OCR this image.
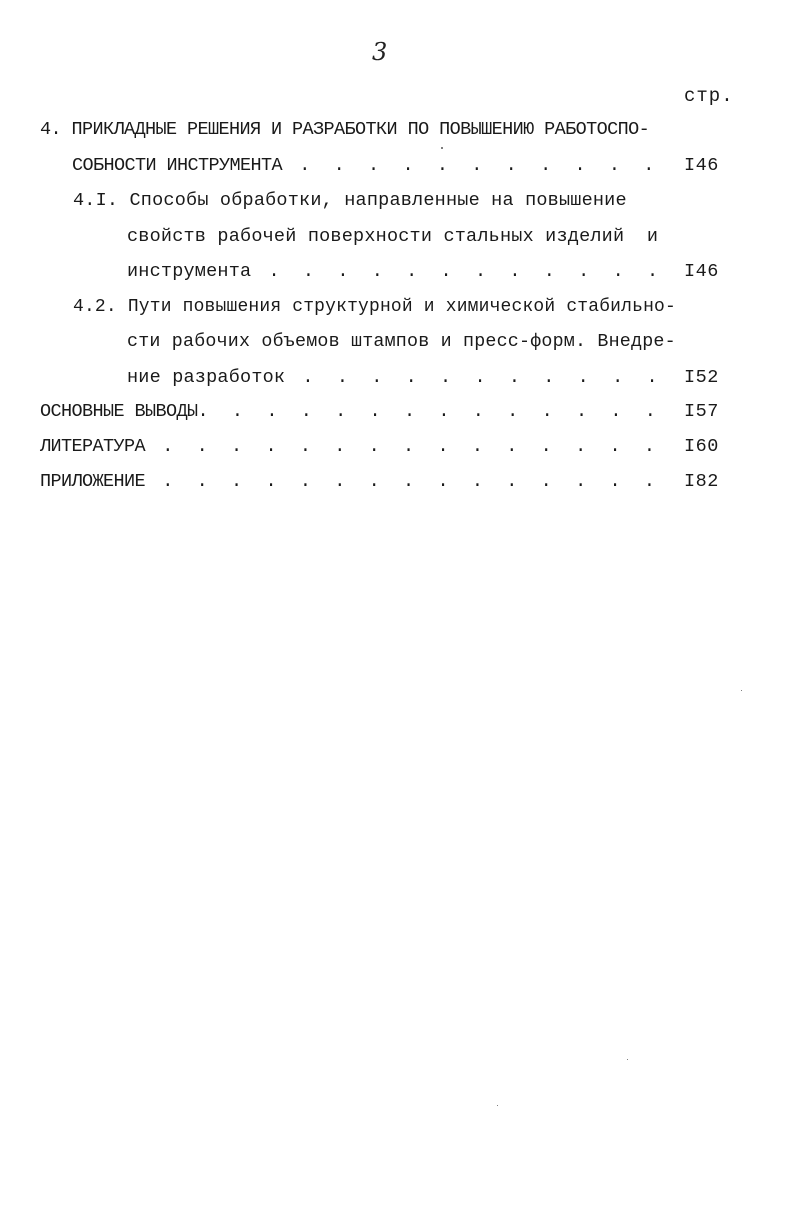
3
стр.
4. ПРИКЛАДНЫЕ РЕШЕНИЯ И РАЗРАБОТКИ ПО ПОВЫШЕНИЮ РАБОТОСПО-
СОБНОСТИ ИНСТРУМЕНТА . . . . . . . . . . . I46
4.I. Способы обработки, направленные на повышение
свойств рабочей поверхности стальных изделий  и
инструмента . . . . . . . . . . . . I46
4.2. Пути повышения структурной и химической стабильно-
сти рабочих объемов штампов и пресс-форм. Внедре-
ние разработок . . . . . . . . . . . I52
ОСНОВНЫЕ ВЫВОДЫ. . . . . . . . . . . . . . I57
ЛИТЕРАТУРА . . . . . . . . . . . . . . . I60
ПРИЛОЖЕНИЕ . . . . . . . . . . . . . . . I82
